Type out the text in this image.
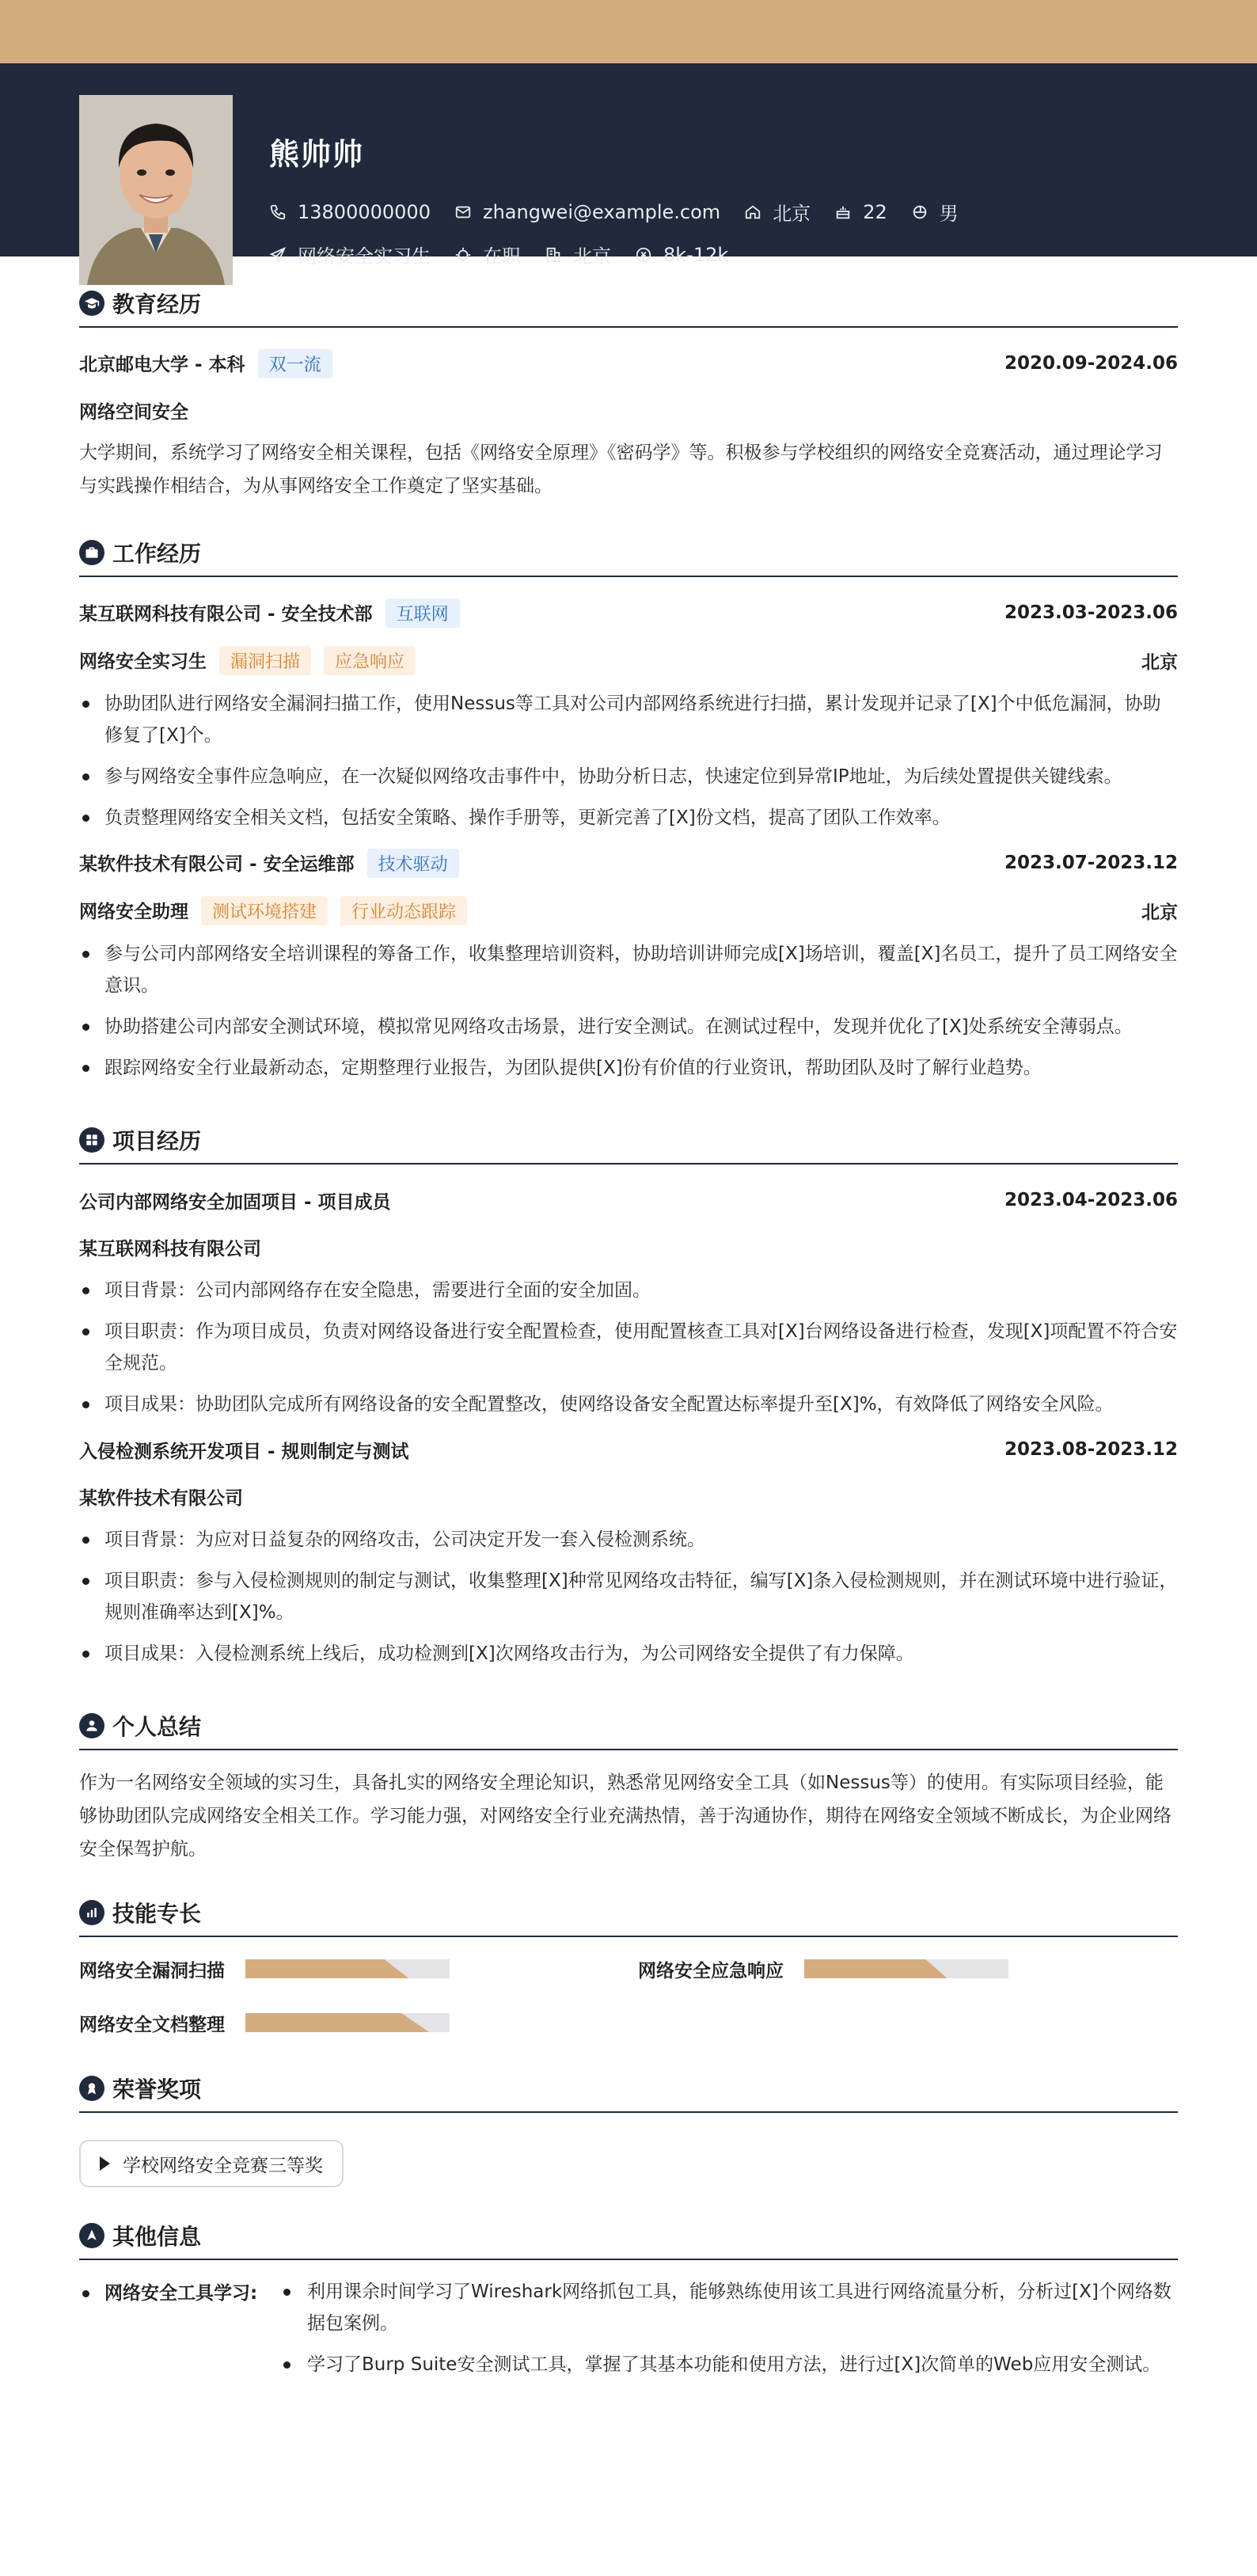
熊帅帅
13800000000	zhangwei@example.com	北京	22	男
网络安全实习生	在职	北京	8k-12k
教育经历
北京邮电大学 - 本科 双一流	2020.09-2024.06
网络空间安全
大学期间，系统学习了网络安全相关课程，包括《网络安全原理》《密码学》等。积极参与学校组织的网络安全竞赛活动，通过理论学习与实践操作相结合，为从事网络安全工作奠定了坚实基础。
工作经历
某互联网科技有限公司 - 安全技术部 互联网	2023.03-2023.06
网络安全实习生 漏洞扫描 应急响应	北京
协助团队进行网络安全漏洞扫描工作，使用Nessus等工具对公司内部网络系统进行扫描，累计发现并记录了[X]个中低危漏洞，协助修复了[X]个。
参与网络安全事件应急响应，在一次疑似网络攻击事件中，协助分析日志，快速定位到异常IP地址，为后续处置提供关键线索。
负责整理网络安全相关文档，包括安全策略、操作手册等，更新完善了[X]份文档，提高了团队工作效率。
某软件技术有限公司 - 安全运维部 技术驱动	2023.07-2023.12
网络安全助理 测试环境搭建 行业动态跟踪	北京
参与公司内部网络安全培训课程的筹备工作，收集整理培训资料，协助培训讲师完成[X]场培训，覆盖[X]名员工，提升了员工网络安全意识。
协助搭建公司内部安全测试环境，模拟常见网络攻击场景，进行安全测试。在测试过程中，发现并优化了[X]处系统安全薄弱点。
跟踪网络安全行业最新动态，定期整理行业报告，为团队提供[X]份有价值的行业资讯，帮助团队及时了解行业趋势。
项目经历
公司内部网络安全加固项目 - 项目成员	2023.04-2023.06
某互联网科技有限公司
项目背景：公司内部网络存在安全隐患，需要进行全面的安全加固。
项目职责：作为项目成员，负责对网络设备进行安全配置检查，使用配置核查工具对[X]台网络设备进行检查，发现[X]项配置不符合安全规范。
项目成果：协助团队完成所有网络设备的安全配置整改，使网络设备安全配置达标率提升至[X]%，有效降低了网络安全风险。
入侵检测系统开发项目 - 规则制定与测试	2023.08-2023.12
某软件技术有限公司
项目背景：为应对日益复杂的网络攻击，公司决定开发一套入侵检测系统。
项目职责：参与入侵检测规则的制定与测试，收集整理[X]种常见网络攻击特征，编写[X]条入侵检测规则，并在测试环境中进行验证，规则准确率达到[X]%。
项目成果：入侵检测系统上线后，成功检测到[X]次网络攻击行为，为公司网络安全提供了有力保障。
个人总结
作为一名网络安全领域的实习生，具备扎实的网络安全理论知识，熟悉常见网络安全工具（如Nessus等）的使用。有实际项目经验，能够协助团队完成网络安全相关工作。学习能力强，对网络安全行业充满热情，善于沟通协作，期待在网络安全领域不断成长，为企业网络安全保驾护航。
技能专长
网络安全漏洞扫描	网络安全应急响应
网络安全文档整理
荣誉奖项
学校网络安全竞赛三等奖
其他信息
网络安全工具学习:	利用课余时间学习了Wireshark网络抓包工具，能够熟练使用该工具进行网络流量分析，分析过[X]个网络数据包案例。
学习了Burp Suite安全测试工具，掌握了其基本功能和使用方法，进行过[X]次简单的Web应用安全测试。
